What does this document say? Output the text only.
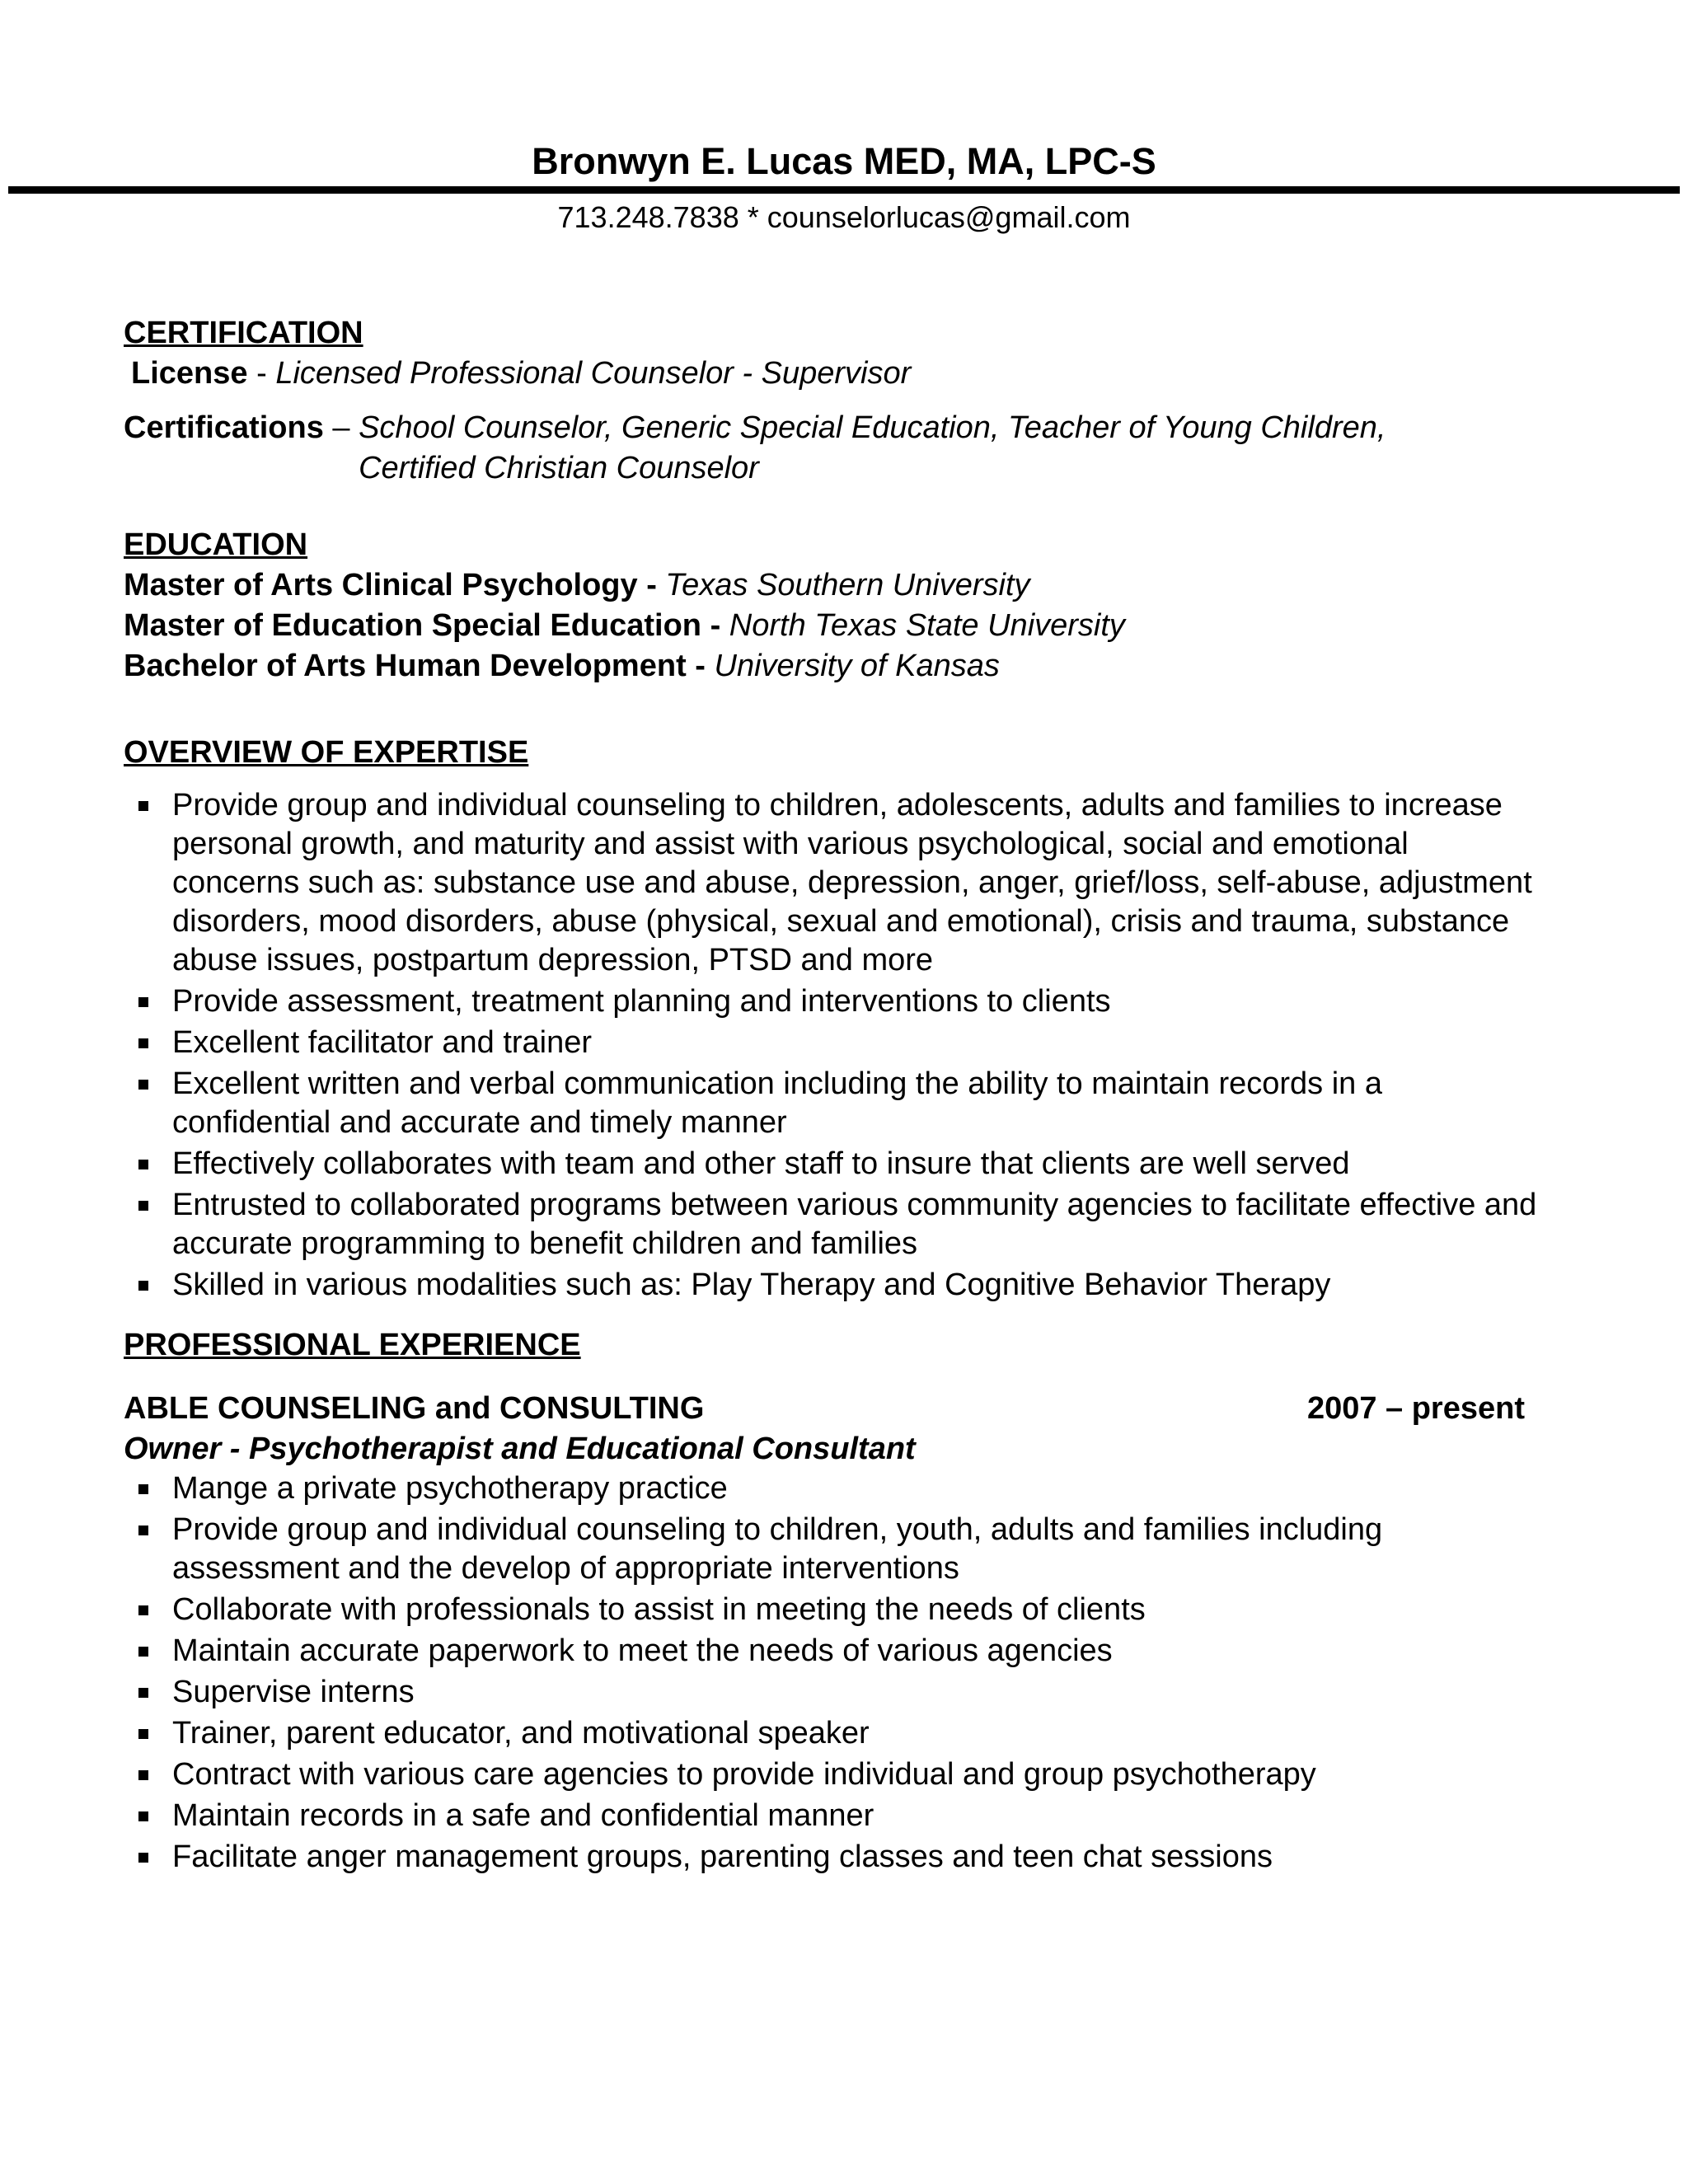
Bronwyn E. Lucas MED, MA, LPC-S
713.248.7838 * counselorlucas@gmail.com

CERTIFICATION

License - Licensed Professional Counselor - Supervisor

Certifications – School Counselor, Generic Special Education, Teacher of Young Children, Certified Christian Counselor

EDUCATION

Master of Arts Clinical Psychology - Texas Southern University

Master of Education Special Education - North Texas State University

Bachelor of Arts Human Development - University of Kansas

OVERVIEW OF EXPERTISE

Provide group and individual counseling to children, adolescents, adults and families to increase personal growth, and maturity and assist with various psychological, social and emotional concerns such as: substance use and abuse, depression, anger, grief/loss, self-abuse, adjustment disorders, mood disorders, abuse (physical, sexual and emotional), crisis and trauma, substance abuse issues, postpartum depression, PTSD and more
Provide assessment, treatment planning and interventions to clients
Excellent facilitator and trainer
Excellent written and verbal communication including the ability to maintain records in a confidential and accurate and timely manner
Effectively collaborates with team and other staff to insure that clients are well served
Entrusted to collaborated programs between various community agencies to facilitate effective and accurate programming to benefit children and families
Skilled in various modalities such as: Play Therapy and Cognitive Behavior Therapy

PROFESSIONAL EXPERIENCE

ABLE COUNSELING and CONSULTING	2007 – present

Owner - Psychotherapist and Educational Consultant

Mange a private psychotherapy practice
Provide group and individual counseling to children, youth, adults and families including assessment and the develop of appropriate interventions
Collaborate with professionals to assist in meeting the needs of clients
Maintain accurate paperwork to meet the needs of various agencies
Supervise interns
Trainer, parent educator, and motivational speaker
Contract with various care agencies to provide individual and group psychotherapy
Maintain records in a safe and confidential manner
Facilitate anger management groups, parenting classes and teen chat sessions
